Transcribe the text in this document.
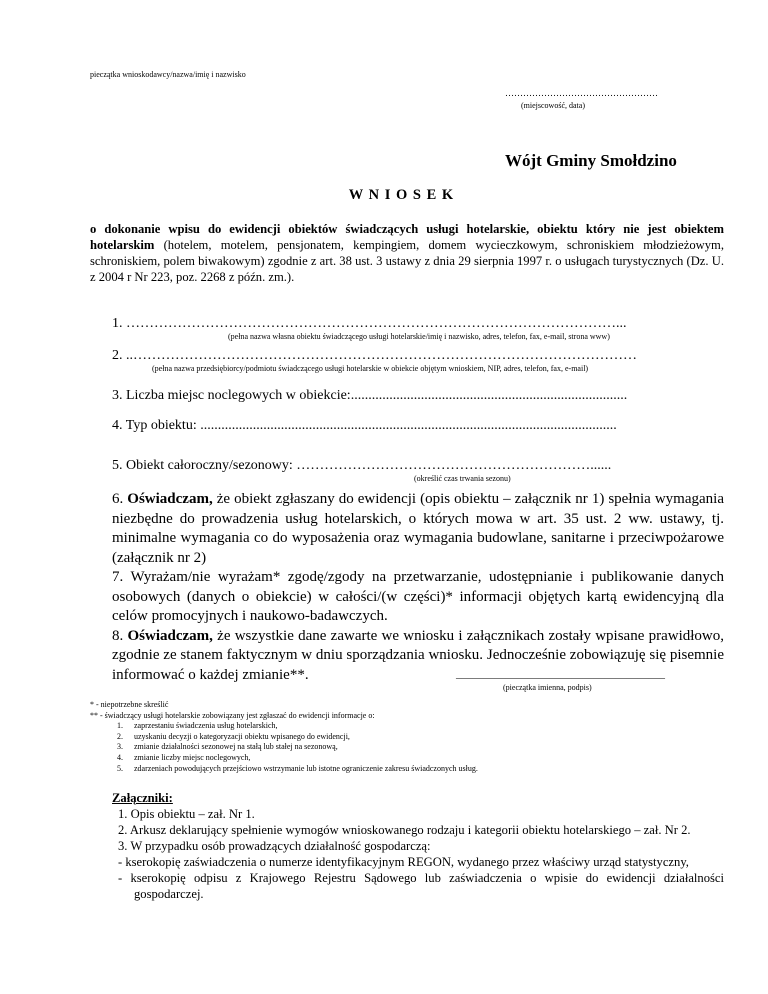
pieczątka wnioskodawcy/nazwa/imię i nazwisko
……………………………………………
(miejscowość, data)
Wójt Gminy Smołdzino
W N I O S E K
o dokonanie wpisu do ewidencji obiektów świadczących usługi hotelarskie, obiektu który nie jest obiektem hotelarskim (hotelem, motelem, pensjonatem, kempingiem, domem wycieczkowym, schroniskiem młodzieżowym, schroniskiem, polem biwakowym) zgodnie z art. 38 ust. 3 ustawy z dnia 29 sierpnia 1997 r. o usługach turystycznych (Dz. U. z 2004 r Nr 223, poz. 2268 z późn. zm.).
1. ……………………………………………………………………………………………...
(pełna nazwa własna obiektu świadczącego usługi hotelarskie/imię i nazwisko, adres, telefon, fax, e-mail, strona www)
2. ..………………………………………………………………………………………………
(pełna nazwa przedsiębiorcy/podmiotu świadczącego usługi hotelarskie w obiekcie objętym wnioskiem, NIP, adres, telefon, fax, e-mail)
3. Liczba miejsc noclegowych w obiekcie:...............................................................................
4. Typ obiektu: .......................................................................................................................
5. Obiekt całoroczny/sezonowy: ………………………………………………………......
(określić czas trwania sezonu)
6. Oświadczam, że obiekt zgłaszany do ewidencji (opis obiektu – załącznik nr 1) spełnia wymagania niezbędne do prowadzenia usług hotelarskich, o których mowa w art. 35 ust. 2 ww. ustawy, tj. minimalne wymagania co do wyposażenia oraz wymagania budowlane, sanitarne i przeciwpożarowe (załącznik nr 2)
7. Wyrażam/nie wyrażam* zgodę/zgody na przetwarzanie, udostępnianie i publikowanie danych osobowych (danych o obiekcie) w całości/(w części)* informacji objętych kartą ewidencyjną dla celów promocyjnych i naukowo-badawczych.
8. Oświadczam, że wszystkie dane zawarte we wniosku i załącznikach zostały wpisane prawidłowo, zgodnie ze stanem faktycznym w dniu sporządzania wniosku. Jednocześnie zobowiązuję się pisemnie informować o każdej zmianie**.	______________________________________
(pieczątka imienna, podpis)
* - niepotrzebne skreślić
** - świadczący usługi hotelarskie zobowiązany jest zgłaszać do ewidencji informacje o:
1. zaprzestaniu świadczenia usług hotelarskich,
2. uzyskaniu decyzji o kategoryzacji obiektu wpisanego do ewidencji,
3. zmianie działalności sezonowej na stałą lub stałej na sezonową,
4. zmianie liczby miejsc noclegowych,
5. zdarzeniach powodujących przejściowo wstrzymanie lub istotne ograniczenie zakresu świadczonych usług.
Załączniki:
1. Opis obiektu – zał. Nr 1.
2. Arkusz deklarujący spełnienie wymogów wnioskowanego rodzaju i kategorii obiektu hotelarskiego – zał. Nr 2.
3. W przypadku osób prowadzących działalność gospodarczą:
- kserokopię zaświadczenia o numerze identyfikacyjnym REGON, wydanego przez właściwy urząd statystyczny,
- kserokopię odpisu z Krajowego Rejestru Sądowego lub zaświadczenia o wpisie do ewidencji działalności gospodarczej.
